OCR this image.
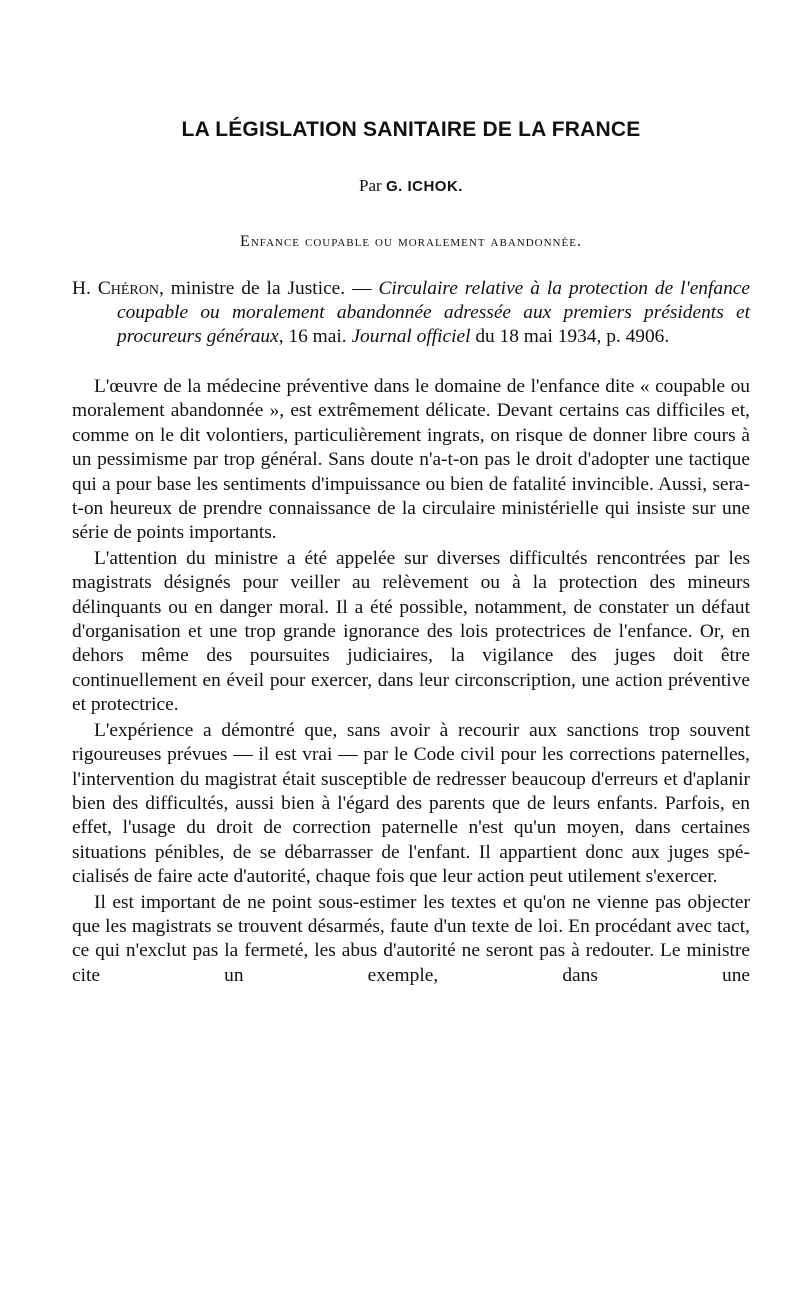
LA LÉGISLATION SANITAIRE DE LA FRANCE
Par G. ICHOK.
Enfance coupable ou moralement abandonnée.

H. Chéron, ministre de la Justice. — Circulaire relative à la protection de l'enfance coupable ou moralement abandonnée adressée aux premiers présidents et procureurs généraux, 16 mai. Journal officiel du 18 mai 1934, p. 4906.

L'œuvre de la médecine préventive dans le domaine de l'enfance dite « coupable ou moralement abandonnée », est extrêmement délicate. Devant certains cas difficiles et, comme on le dit volontiers, particulièrement ingrats, on risque de donner libre cours à un pessimisme par trop général. Sans doute n'a-t-on pas le droit d'adopter une tactique qui a pour base les sentiments d'impuissance ou bien de fatalité invincible. Aussi, sera-t-on heureux de prendre connaissance de la circulaire ministérielle qui insiste sur une série de points importants.

L'attention du ministre a été appelée sur diverses difficultés rencontrées par les magistrats désignés pour veiller au relèvement ou à la protection des mineurs délinquants ou en danger moral. Il a été possible, notamment, de constater un défaut d'organisation et une trop grande ignorance des lois protectrices de l'enfance. Or, en dehors même des poursuites judiciaires, la vigilance des juges doit être continuellement en éveil pour exercer, dans leur circonscription, une action préventive et protectrice.

L'expérience a démontré que, sans avoir à recourir aux sanctions trop souvent rigoureuses prévues — il est vrai — par le Code civil pour les corrections paternelles, l'intervention du magistrat était susceptible de redresser beaucoup d'erreurs et d'aplanir bien des difficultés, aussi bien à l'égard des parents que de leurs enfants. Parfois, en effet, l'usage du droit de correction paternelle n'est qu'un moyen, dans certaines situations pénibles, de se débarrasser de l'enfant. Il appartient donc aux juges spécialisés de faire acte d'autorité, chaque fois que leur action peut utilement s'exercer.

Il est important de ne point sous-estimer les textes et qu'on ne vienne pas objecter que les magistrats se trouvent désarmés, faute d'un texte de loi. En procédant avec tact, ce qui n'exclut pas la fermeté, les abus d'autorité ne seront pas à redouter. Le ministre cite un exemple, dans une
